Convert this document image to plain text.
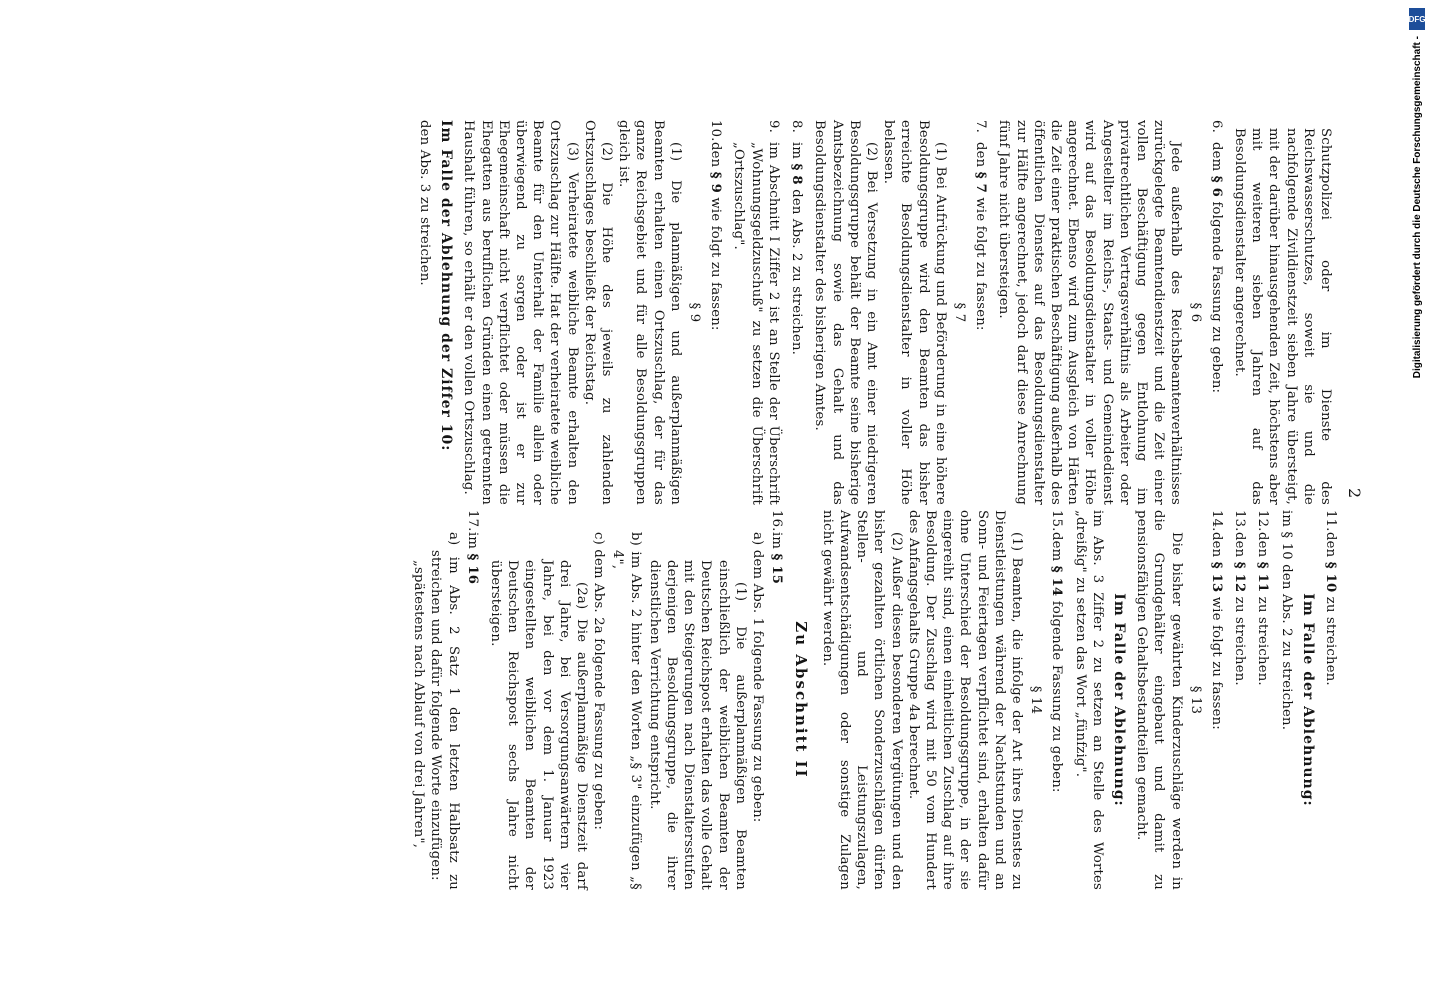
2

Schutzpolizei oder im Dienste des Reichswasserschutzes, soweit sie und die nachfolgende Zivildienstzeit sieben Jahre übersteigt, mit der darüber hinausgehenden Zeit, höchstens aber mit weiteren sieben Jahren auf das Besoldungsdienstalter angerechnet.

6.dem § 6 folgende Fassung zu geben:

§ 6

Jede außerhalb des Reichsbeamtenverhältnisses zurückgelegte Beamtendienstzeit und die Zeit einer vollen Beschäftigung gegen Entlohnung im privatrechtlichen Vertragsverhältnis als Arbeiter oder Angestellter im Reichs-, Staats- und Gemeindedienst wird auf das Besoldungsdienstalter in voller Höhe angerechnet. Ebenso wird zum Ausgleich von Härten die Zeit einer praktischen Beschäftigung außerhalb des öffentlichen Dienstes auf das Besoldungsdienstalter zur Hälfte angerechnet, jedoch darf diese Anrechnung fünf Jahre nicht übersteigen.

7.den § 7 wie folgt zu fassen:

§ 7

(1) Bei Aufrückung und Beförderung in eine höhere Besoldungsgruppe wird den Beamten das bisher erreichte Besoldungsdienstalter in voller Höhe belassen.

(2) Bei Versetzung in ein Amt einer niedrigeren Besoldungsgruppe behält der Beamte seine bisherige Amtsbezeichnung sowie das Gehalt und das Besoldungsdienstalter des bisherigen Amtes.

8.im § 8 den Abs. 2 zu streichen.

9.im Abschnitt I Ziffer 2 ist an Stelle der Überschrift „Wohnungsgeldzuschuß" zu setzen die Überschrift „Ortszuschlag".

10.den § 9 wie folgt zu fassen:

§ 9

(1) Die planmäßigen und außerplanmäßigen Beamten erhalten einen Ortszuschlag, der für das ganze Reichsgebiet und für alle Besoldungsgruppen gleich ist.

(2) Die Höhe des jeweils zu zahlenden Ortszuschlages beschließt der Reichstag.

(3) Verheiratete weibliche Beamte erhalten den Ortszuschlag zur Hälfte. Hat der verheiratete weibliche Beamte für den Unterhalt der Familie allein oder überwiegend zu sorgen oder ist er zur Ehegemeinschaft nicht verpflichtet oder müssen die Ehegatten aus beruflichen Gründen einen getrennten Haushalt führen, so erhält er den vollen Ortszuschlag.

Im Falle der Ablehnung der Ziffer 10:

den Abs. 3 zu streichen.

11.den § 10 zu streichen.

Im Falle der Ablehnung:

im § 10 den Abs. 2 zu streichen.

12.den § 11 zu streichen.

13.den § 12 zu streichen.

14.den § 13 wie folgt zu fassen:

§ 13

Die bisher gewährten Kinderzuschläge werden in die Grundgehälter eingebaut und damit zu pensionsfähigen Gehaltsbestandteilen gemacht.

Im Falle der Ablehnung:

im Abs. 3 Ziffer 2 zu setzen an Stelle des Wortes „dreißig" zu setzen das Wort „fünfzig".

15.dem § 14 folgende Fassung zu geben:

§ 14

(1) Beamten, die infolge der Art ihres Dienstes zu Dienstleistungen während der Nachtstunden und an Sonn- und Feiertagen verpflichtet sind, erhalten dafür ohne Unterschied der Besoldungsgruppe, in der sie eingereiht sind, einen einheitlichen Zuschlag auf ihre Besoldung. Der Zuschlag wird mit 50 vom Hundert des Anfangsgehalts Gruppe 4a berechnet.

(2) Außer diesen besonderen Vergütungen und den bisher gezahlten örtlichen Sonderzuschlägen dürfen Stellen- und Leistungszulagen, Aufwandsentschädigungen oder sonstige Zulagen nicht gewährt werden.

Zu Abschnitt II

16.im § 15

a) dem Abs. 1 folgende Fassung zu geben:

(1) Die außerplanmäßigen Beamten einschließlich der weiblichen Beamten der Deutschen Reichspost erhalten das volle Gehalt mit den Steigerungen nach Dienstaltersstufen derjenigen Besoldungsgruppe, die ihrer dienstlichen Verrichtung entspricht.

b) im Abs. 2 hinter den Worten „§ 3" einzufügen „§ 4",

c) dem Abs. 2a folgende Fassung zu geben:

(2a) Die außerplanmäßige Dienstzeit darf drei Jahre, bei Versorgungsanwärtern vier Jahre, bei den vor dem 1. Januar 1923 eingestellten weiblichen Beamten der Deutschen Reichspost sechs Jahre nicht übersteigen.

17.im § 16

a) im Abs. 2 Satz 1 den letzten Halbsatz zu streichen und dafür folgende Worte einzufügen:

„spätestens nach Ablauf von drei Jahren",

DFG
Digitalisierung gefördert durch die Deutsche Forschungsgemeinschaft -
